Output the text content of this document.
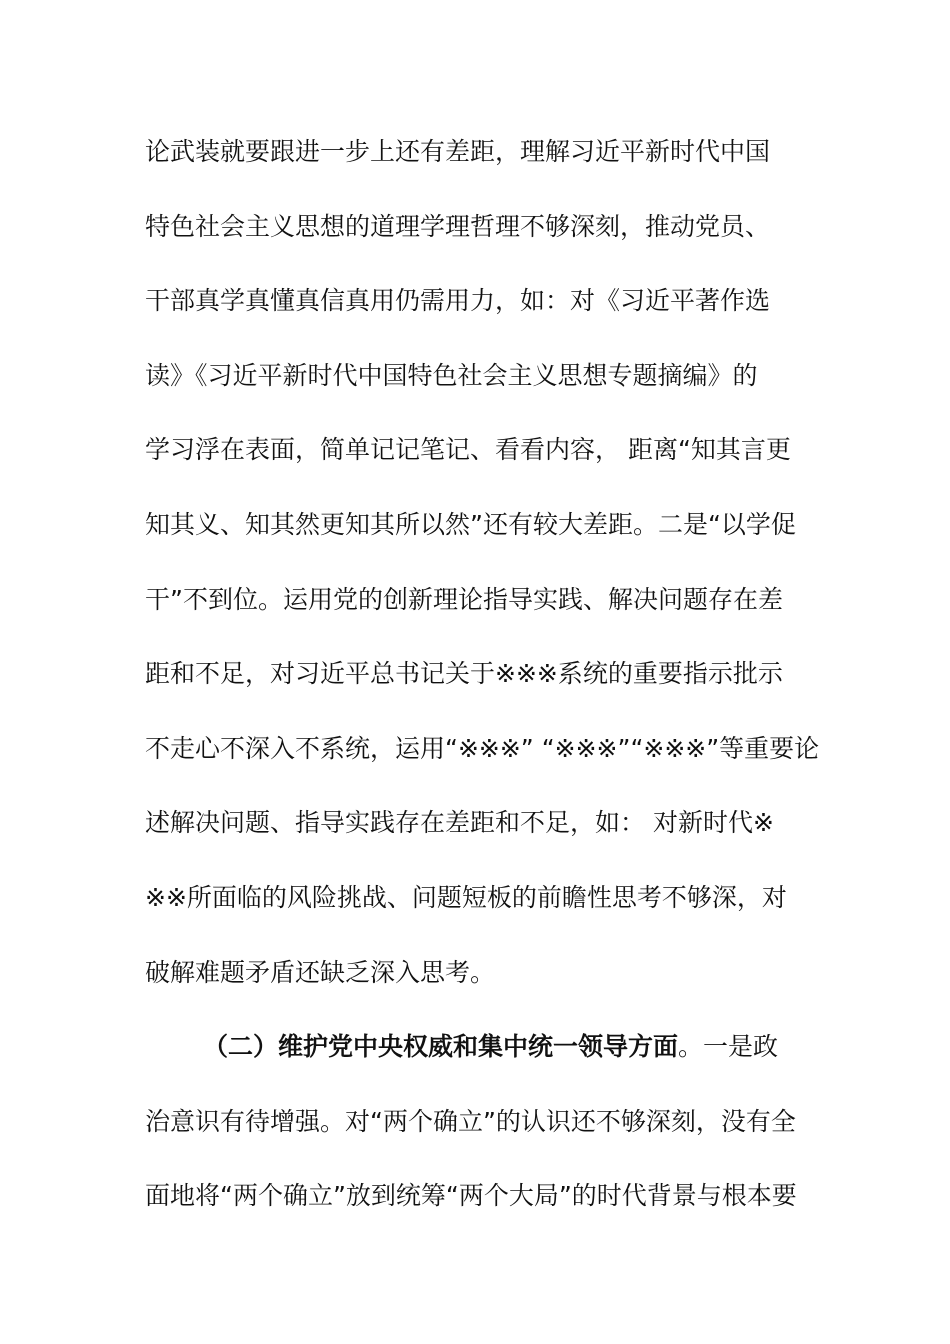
论武装就要跟进一步上还有差距，理解习近平新时代中国
特色社会主义思想的道理学理哲理不够深刻，推动党员、
干部真学真懂真信真用仍需用力，如：对《习近平著作选
读》《习近平新时代中国特色社会主义思想专题摘编》的
学习浮在表面，简单记记笔记、看看内容， 距离“知其言更
知其义、知其然更知其所以然”还有较大差距。二是“以学促
干”不到位。运用党的创新理论指导实践、解决问题存在差
距和不足，对习近平总书记关于※※※系统的重要指示批示
不走心不深入不系统，运用“※※※” “※※※”“※※※”等重要论
述解决问题、指导实践存在差距和不足，如： 对新时代※
※※所面临的风险挑战、问题短板的前瞻性思考不够深，对
破解难题矛盾还缺乏深入思考。
（二）维护党中央权威和集中统一领导方面。一是政
治意识有待增强。对“两个确立”的认识还不够深刻，没有全
面地将“两个确立”放到统筹“两个大局”的时代背景与根本要
